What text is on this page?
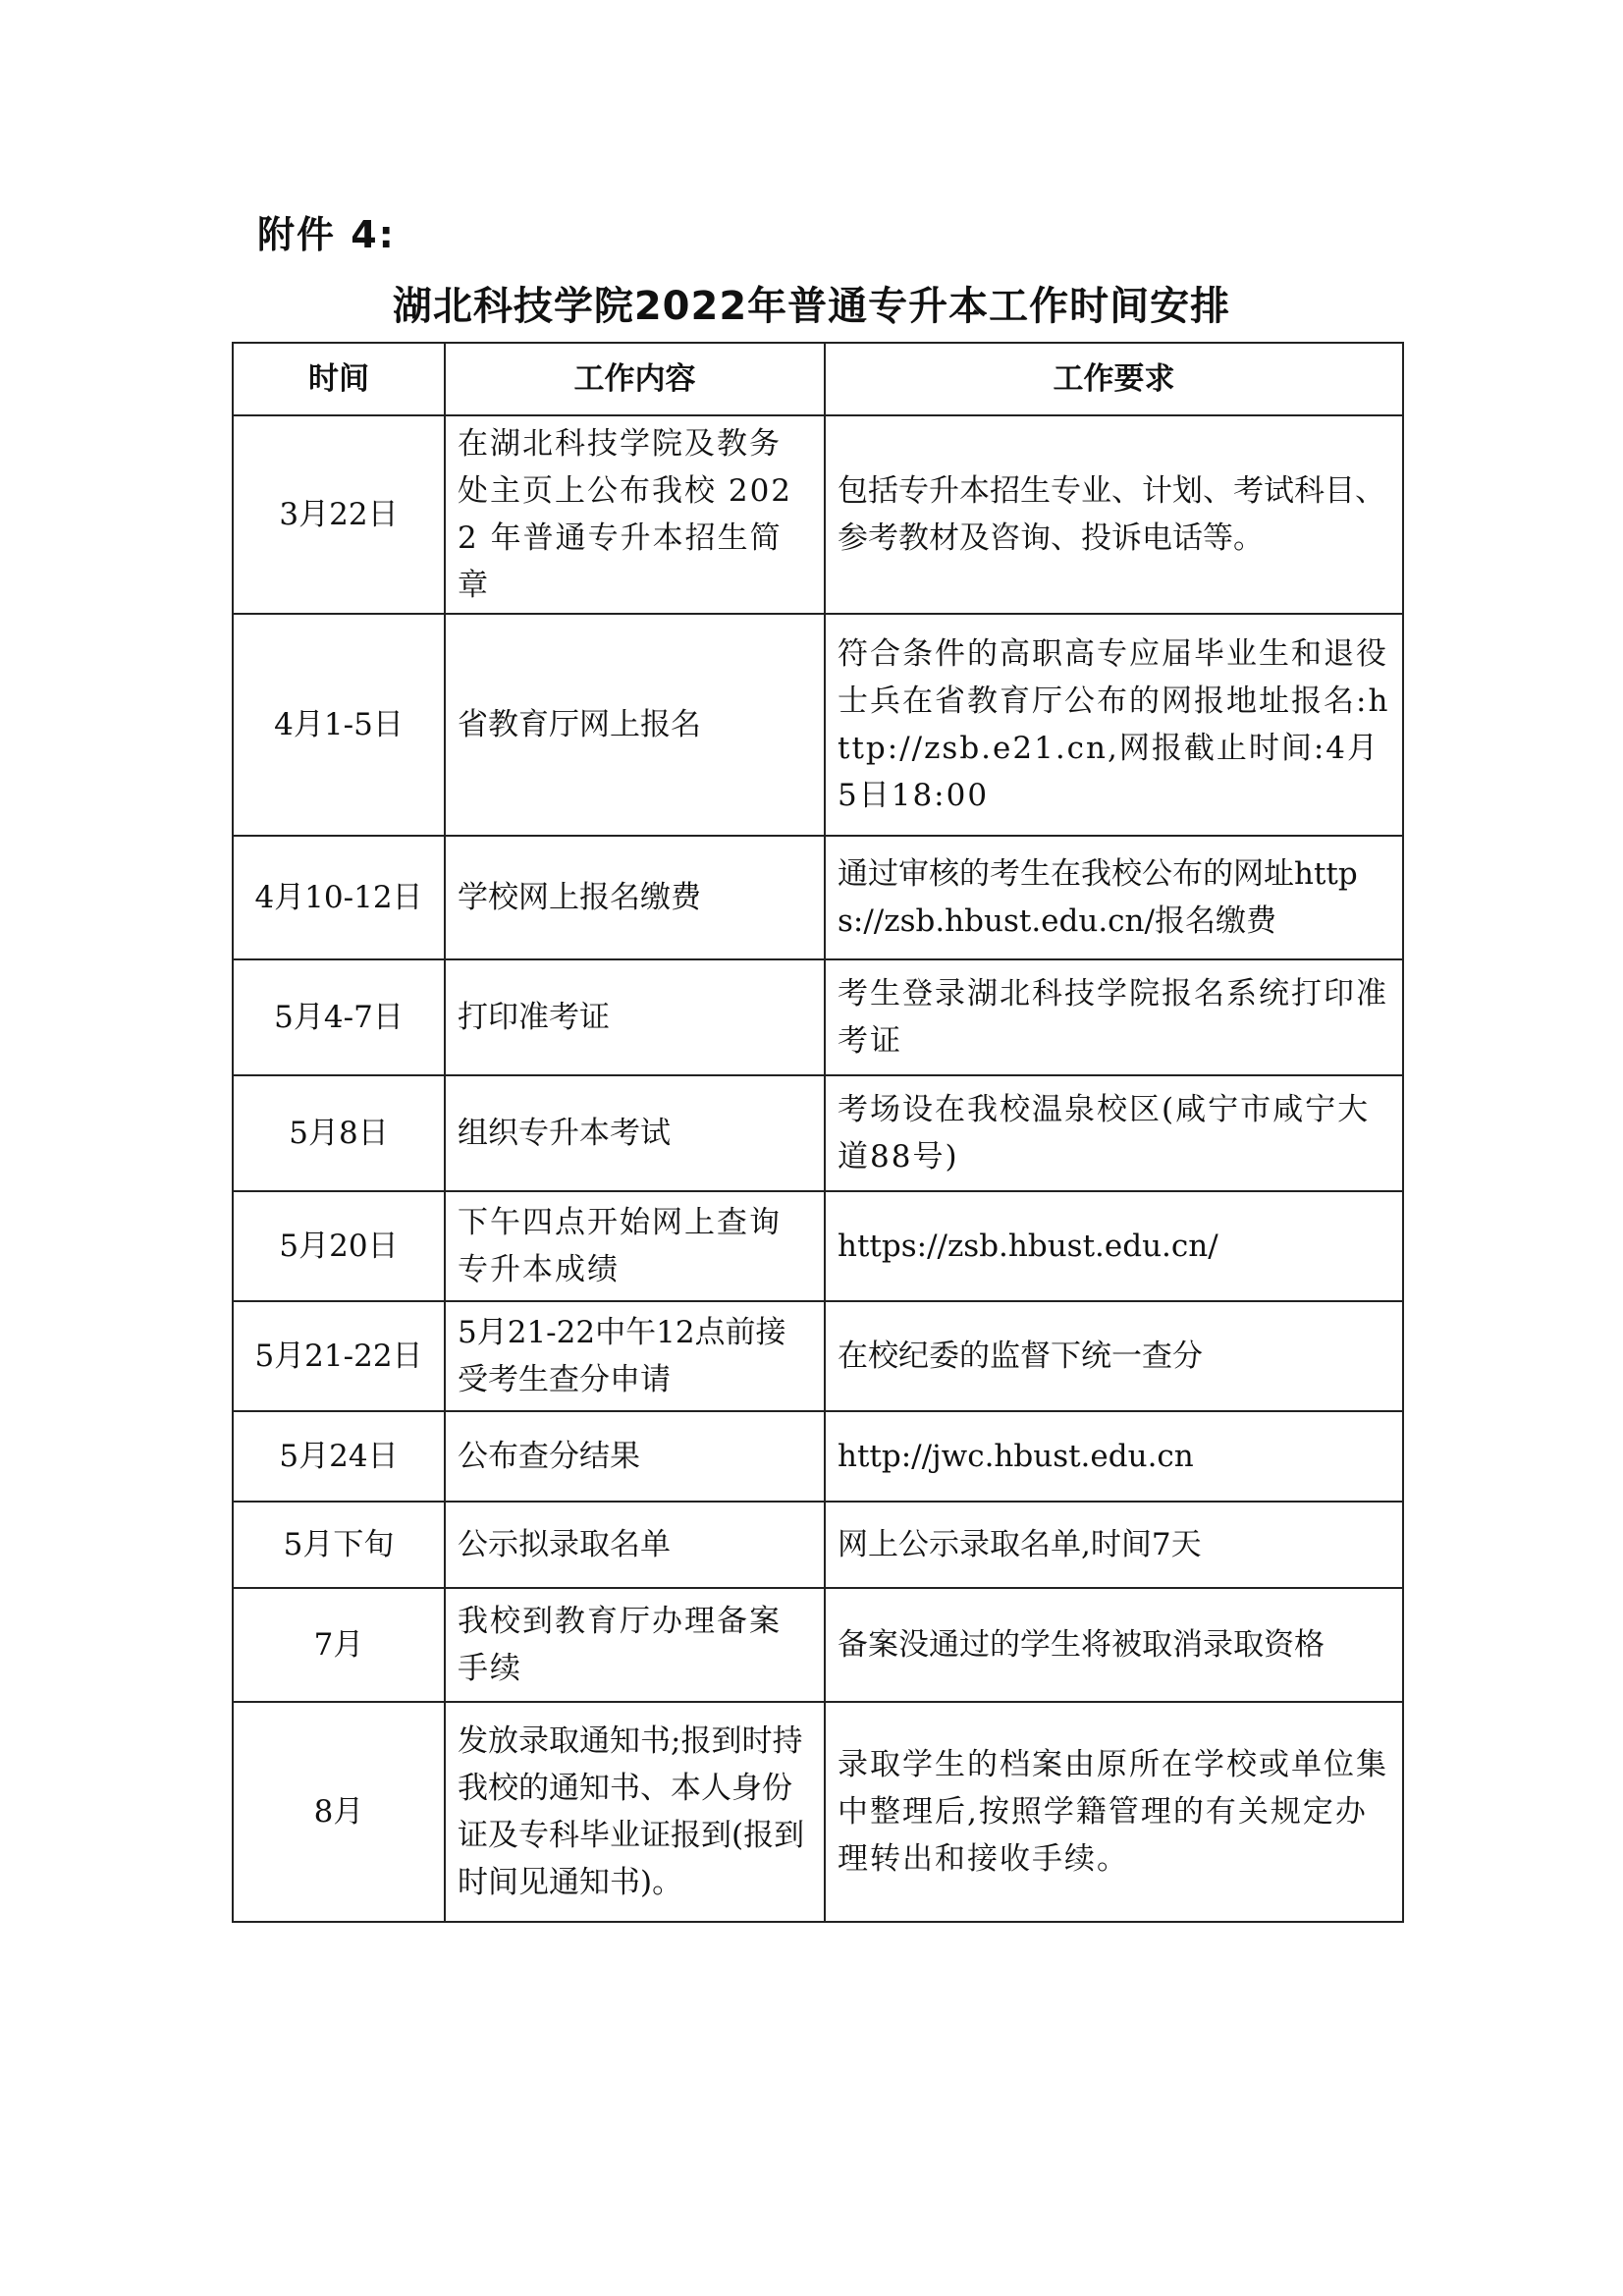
附件 4:
湖北科技学院2022年普通专升本工作时间安排
时间	工作内容	工作要求
3月22日	在湖北科技学院及教务处主页上公布我校 2022 年普通专升本招生简章	包括专升本招生专业、计划、考试科目、参考教材及咨询、投诉电话等。
4月1-5日	省教育厅网上报名	符合条件的高职高专应届毕业生和退役士兵在省教育厅公布的网报地址报名:http://zsb.e21.cn,网报截止时间:4月5日18:00
4月10-12日	学校网上报名缴费	通过审核的考生在我校公布的网址https://zsb.hbust.edu.cn/报名缴费
5月4-7日	打印准考证	考生登录湖北科技学院报名系统打印准考证
5月8日	组织专升本考试	考场设在我校温泉校区(咸宁市咸宁大道88号)
5月20日	下午四点开始网上查询专升本成绩	https://zsb.hbust.edu.cn/
5月21-22日	5月21-22中午12点前接受考生查分申请	在校纪委的监督下统一查分
5月24日	公布查分结果	http://jwc.hbust.edu.cn
5月下旬	公示拟录取名单	网上公示录取名单,时间7天
7月	我校到教育厅办理备案手续	备案没通过的学生将被取消录取资格
8月	发放录取通知书;报到时持我校的通知书、本人身份证及专科毕业证报到(报到时间见通知书)。	录取学生的档案由原所在学校或单位集中整理后,按照学籍管理的有关规定办理转出和接收手续。
